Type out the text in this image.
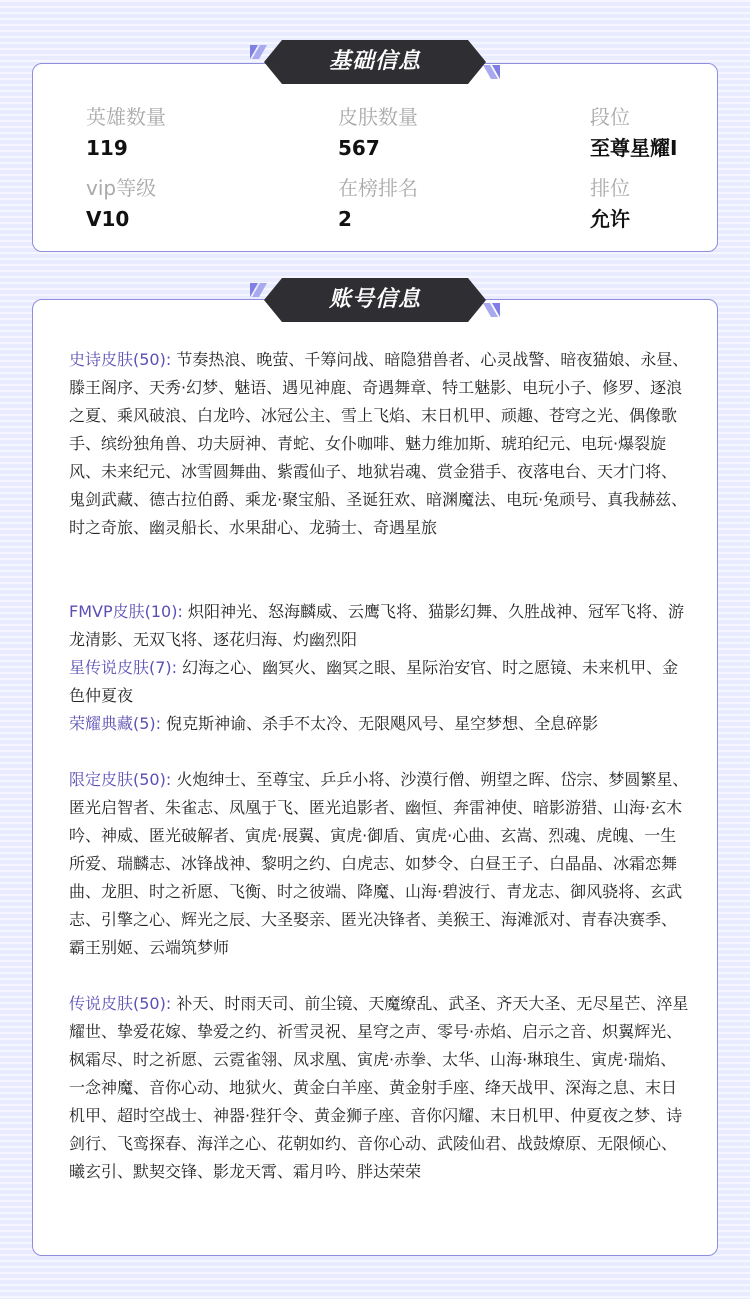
英雄数量
119
皮肤数量
567
段位
至尊星耀I
vip等级
V10
在榜排名
2
排位
允许
基础信息
史诗皮肤(50): 节奏热浪、晚萤、千筹问战、暗隐猎兽者、心灵战警、暗夜猫娘、永昼、滕王阁序、天秀·幻梦、魅语、遇见神鹿、奇遇舞章、特工魅影、电玩小子、修罗、逐浪之夏、乘风破浪、白龙吟、冰冠公主、雪上飞焰、末日机甲、顽趣、苍穹之光、偶像歌手、缤纷独角兽、功夫厨神、青蛇、女仆咖啡、魅力维加斯、琥珀纪元、电玩·爆裂旋风、未来纪元、冰雪圆舞曲、紫霞仙子、地狱岩魂、赏金猎手、夜落电台、天才门将、鬼剑武藏、德古拉伯爵、乘龙·聚宝船、圣诞狂欢、暗渊魔法、电玩·兔顽号、真我赫兹、时之奇旅、幽灵船长、水果甜心、龙骑士、奇遇星旅
FMVP皮肤(10): 炽阳神光、怒海麟威、云鹰飞将、猫影幻舞、久胜战神、冠军飞将、游龙清影、无双飞将、逐花归海、灼幽烈阳
星传说皮肤(7): 幻海之心、幽冥火、幽冥之眼、星际治安官、时之愿镜、未来机甲、金色仲夏夜
荣耀典藏(5): 倪克斯神谕、杀手不太冷、无限飓风号、星空梦想、全息碎影
限定皮肤(50): 火炮绅士、至尊宝、乒乒小将、沙漠行僧、朔望之晖、岱宗、梦圆繁星、匿光启智者、朱雀志、凤凰于飞、匿光追影者、幽恒、奔雷神使、暗影游猎、山海·玄木吟、神威、匿光破解者、寅虎·展翼、寅虎·御盾、寅虎·心曲、玄嵩、烈魂、虎魄、一生所爱、瑞麟志、冰锋战神、黎明之约、白虎志、如梦令、白昼王子、白晶晶、冰霜恋舞曲、龙胆、时之祈愿、飞衡、时之彼端、降魔、山海·碧波行、青龙志、御风骁将、玄武志、引擎之心、辉光之辰、大圣娶亲、匿光决锋者、美猴王、海滩派对、青春决赛季、霸王别姬、云端筑梦师
传说皮肤(50): 补天、时雨天司、前尘镜、天魔缭乱、武圣、齐天大圣、无尽星芒、淬星耀世、挚爱花嫁、挚爱之约、祈雪灵祝、星穹之声、零号·赤焰、启示之音、炽翼辉光、枫霜尽、时之祈愿、云霓雀翎、凤求凰、寅虎·赤拳、太华、山海·琳琅生、寅虎·瑞焰、一念神魔、音你心动、地狱火、黄金白羊座、黄金射手座、绛天战甲、深海之息、末日机甲、超时空战士、神器·狴犴令、黄金狮子座、音你闪耀、末日机甲、仲夏夜之梦、诗剑行、飞鸾探春、海洋之心、花朝如约、音你心动、武陵仙君、战鼓燎原、无限倾心、曦玄引、默契交锋、影龙天霄、霜月吟、胖达荣荣
账号信息
